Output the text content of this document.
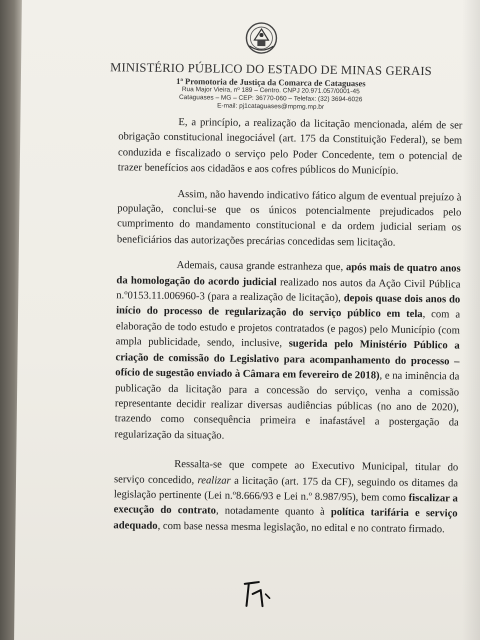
MINISTÉRIO PÚBLICO DO ESTADO DE MINAS GERAIS
1ª Promotoria de Justiça da Comarca de Cataguases
Rua Major Vieira, nº 189 – Centro. CNPJ 20.971.057/0001-45
Cataguases – MG – CEP: 36770-060 – Telefax: (32) 3694-6026
E-mail: pj1cataguases@mpmg.mp.br

E, a princípio, a realização da licitação mencionada, além de ser obrigação constitucional inegociável (art. 175 da Constituição Federal), se bem conduzida e fiscalizado o serviço pelo Poder Concedente, tem o potencial de trazer benefícios aos cidadãos e aos cofres públicos do Município.

Assim, não havendo indicativo fático algum de eventual prejuízo à população, conclui-se que os únicos potencialmente prejudicados pelo cumprimento do mandamento constitucional e da ordem judicial seriam os beneficiários das autorizações precárias concedidas sem licitação.

Ademais, causa grande estranheza que, após mais de quatro anos da homologação do acordo judicial realizado nos autos da Ação Civil Pública n.º0153.11.006960-3 (para a realização de licitação), depois quase dois anos do início do processo de regularização do serviço público em tela, com a elaboração de todo estudo e projetos contratados (e pagos) pelo Município (com ampla publicidade, sendo, inclusive, sugerida pelo Ministério Público a criação de comissão do Legislativo para acompanhamento do processo – ofício de sugestão enviado à Câmara em fevereiro de 2018), e na iminência da publicação da licitação para a concessão do serviço, venha a comissão representante decidir realizar diversas audiências públicas (no ano de 2020), trazendo como consequência primeira e inafastável a postergação da regularização da situação.

Ressalta-se que compete ao Executivo Municipal, titular do serviço concedido, realizar a licitação (art. 175 da CF), seguindo os ditames da legislação pertinente (Lei n.º8.666/93 e Lei n.º 8.987/95), bem como fiscalizar a execução do contrato, notadamente quanto à política tarifária e serviço adequado, com base nessa mesma legislação, no edital e no contrato firmado.
